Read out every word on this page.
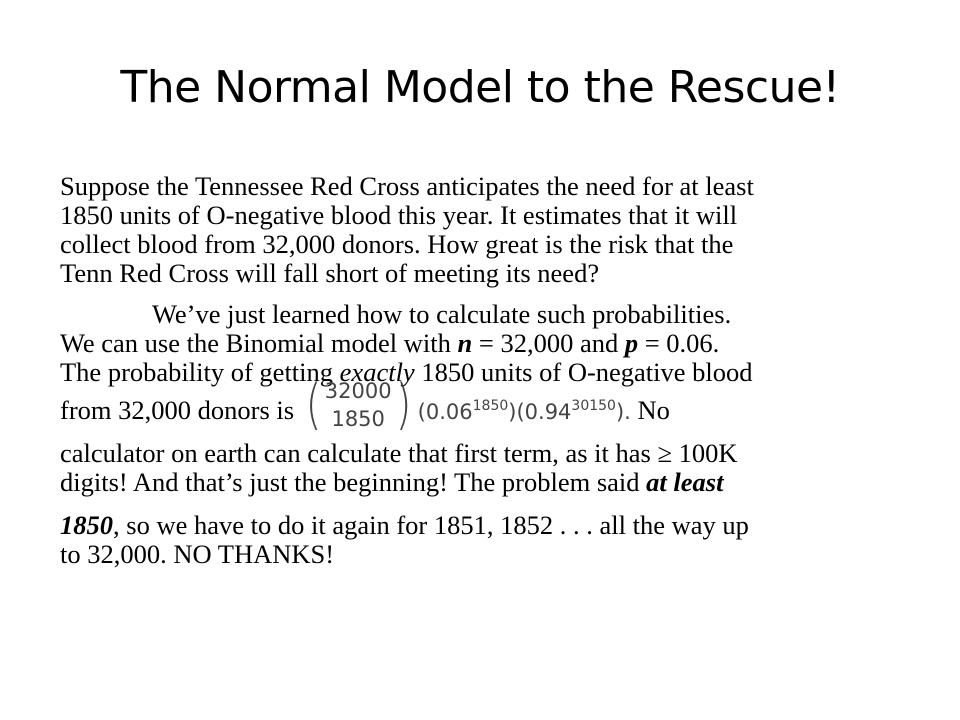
The Normal Model to the Rescue!

Suppose the Tennessee Red Cross anticipates the need for at least
1850 units of O-negative blood this year. It estimates that it will
collect blood from 32,000 donors. How great is the risk that the
Tenn Red Cross will fall short of meeting its need?

We’ve just learned how to calculate such probabilities.
We can use the Binomial model with n = 32,000 and p = 0.06.
The probability of getting exactly 1850 units of O-negative blood
from 32,000 donors is ( 32000
1850 ) $(0.06^{1850})(0.94^{30150})$. No
calculator on earth can calculate that first term, as it has ≥ 100K
digits! And that’s just the beginning! The problem said at least
1850, so we have to do it again for 1851, 1852 . . . all the way up
to 32,000. NO THANKS!
